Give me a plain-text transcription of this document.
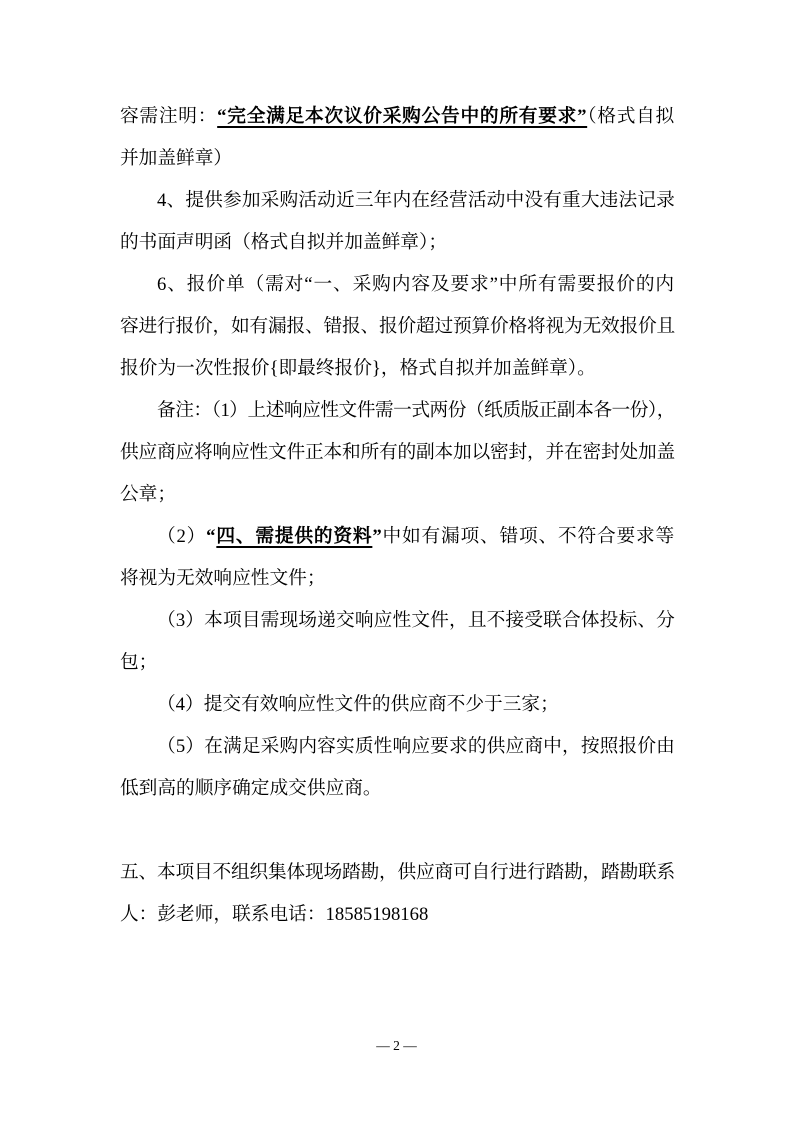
容需注明：“完全满足本次议价采购公告中的所有要求”（格式自拟
并加盖鲜章）
4、提供参加采购活动近三年内在经营活动中没有重大违法记录
的书面声明函（格式自拟并加盖鲜章）；
6、报价单（需对“一、采购内容及要求”中所有需要报价的内
容进行报价，如有漏报、错报、报价超过预算价格将视为无效报价且
报价为一次性报价{即最终报价}，格式自拟并加盖鲜章）。
备注：（1）上述响应性文件需一式两份（纸质版正副本各一份），
供应商应将响应性文件正本和所有的副本加以密封，并在密封处加盖
公章；
（2）“四、需提供的资料”中如有漏项、错项、不符合要求等
将视为无效响应性文件；
（3）本项目需现场递交响应性文件，且不接受联合体投标、分
包；
（4）提交有效响应性文件的供应商不少于三家；
（5）在满足采购内容实质性响应要求的供应商中，按照报价由
低到高的顺序确定成交供应商。
五、本项目不组织集体现场踏勘，供应商可自行进行踏勘，踏勘联系
人：彭老师，联系电话：18585198168
— 2 —
